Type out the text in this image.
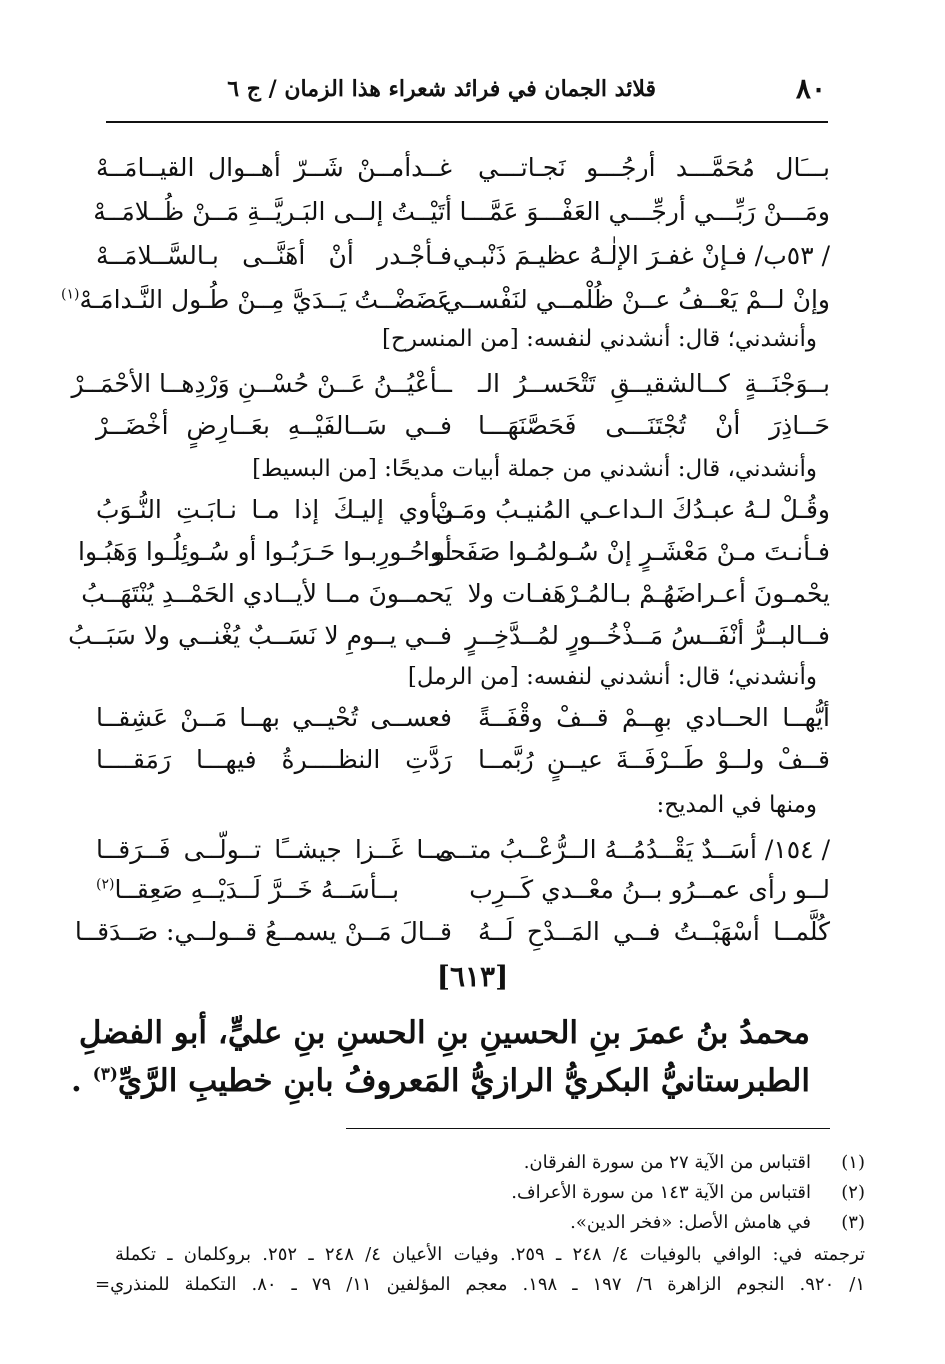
٨٠
قلائد الجمان في فرائد شعراء هذا الزمان / ج ٦
بـــَال مُحَمَّـــد أرجُـــو نَجـاتـــي
غــدأمــنْ شَــرّ أهــوال القيــامَــهْ
ومَـــنْ رَبِّـــي أرجِّـــي العَفْـــوَ عَمَّـــا
أتَيْــتُ إلــى البَـريَّــةِ مَــنْ ظُــلامَــهْ
/ ٥٣ب/ فـإنْ غفـرَ الإلٰـهُ عظيـمَ ذَنْبـي
فـأجْـدر أنْ أهَنَّــى بـالسَّــلامَــهْ
وإنْ لــمْ يَعْــفُ عــنْ ظُلْمــي لنَفْســي
عَضَضْــتُ يَــدَيَّ مِــنْ طُـول النَّـدامَـهْ$^{(١)}$
وأنشدني؛ قال: أنشدني لنفسه: [من المنسرح]
بــوَجْنَــةٍ كــالشقيــقِ تَتْحَســرُ الـ
ــأعْيُــنُ عَــنْ حُسْــنِ وَرْدِهــا الأحْمَــرْ
حَــاذِرَ أنْ تُجْتَنَـــى فَحَصَّنَهَـــا
فــي سَــالفَيْــهِ بعَــارِضٍ أخْضَــرْ
وأنشدني، قال: أنشدني من جملة أبيات مديحًا: [من البسيط]
وقُـلْ لـهُ عبـدُكَ الـداعـي المُنيـبُ ومَـنْ
يـأوي إليـكَ إذا مـا نـابَـتِ النُّـوَبُ
فـأنـتَ مـنْ مَعْشَـرٍ إنْ سُـولمُـوا صَفَحـوا
أو حُـورِبـوا حَـرَبُـوا أو سُـوئِلُـوا وَهَبُـوا
يحْمـونَ أعـراضَهُـمْ بـالمُـرْهَفـات ولا
يَحمــونَ مــا لأيــادي الحَمْــدِ يُنْتَهَــبُ
فــالبــرُّ أنْفَــسُ مَــذْخُــورٍ لمُــدَّخِــرٍ
فــي يــومِ لا نَسَــبٌ يُغْنــي ولا سَبَــبُ
وأنشدني؛ قال: أنشدني لنفسه: [من الرمل]
أيُّهــا الحــادي بهِــمْ قــفْ وقْفَــةً
فعســى تُحْيــي بهــا مَــنْ عَشِقــا
قــفْ ولــوْ طَــرْفَــةَ عيــنٍ رُبَّمــا
رَدَّتِ النظــــرةُ فيهـــا رَمَقــــا
ومنها في المديح:
/ ١٥٤/ أسَــدٌ يَقْــدُمُــهُ الــرُّعْــبُ متــى
مــا غَــزا جيشــًا تــولّــى فَــرَقــا
لــو رأى عمــرُو بــنُ معْــدي كَــرِب
بــأسَــهُ خَــرَّ لَــدَيْــهِ صَعِقــا$^{(٢)}$
كُلَّمــا أسْهَبْــتُ فــي المَــدْحِ لَــهُ
قــالَ مَــنْ يسمــعُ قــولــي: صَــدَقــا
[٦١٣]
محمدُ بنُ عمرَ بنِ الحسينِ بنِ الحسنِ بنِ عليٍّ، أبو الفضلِ
الطبرستانيُّ البكريُّ الرازيُّ المَعروفُ بابنِ خطيبِ الرَّيِّ$^{(٣)}$ .
(١)اقتباس من الآية ٢٧ من سورة الفرقان.
(٢)اقتباس من الآية ١٤٣ من سورة الأعراف.
(٣)في هامش الأصل: «فخر الدين».
ترجمته في: الوافي بالوفيات ٤/ ٢٤٨ ـ ٢٥٩. وفيات الأعيان ٤/ ٢٤٨ ـ ٢٥٢. بروكلمان ـ تكملة
١/ ٩٢٠. النجوم الزاهرة ٦/ ١٩٧ ـ ١٩٨. معجم المؤلفين ١١/ ٧٩ ـ ٨٠. التكملة للمنذري=
